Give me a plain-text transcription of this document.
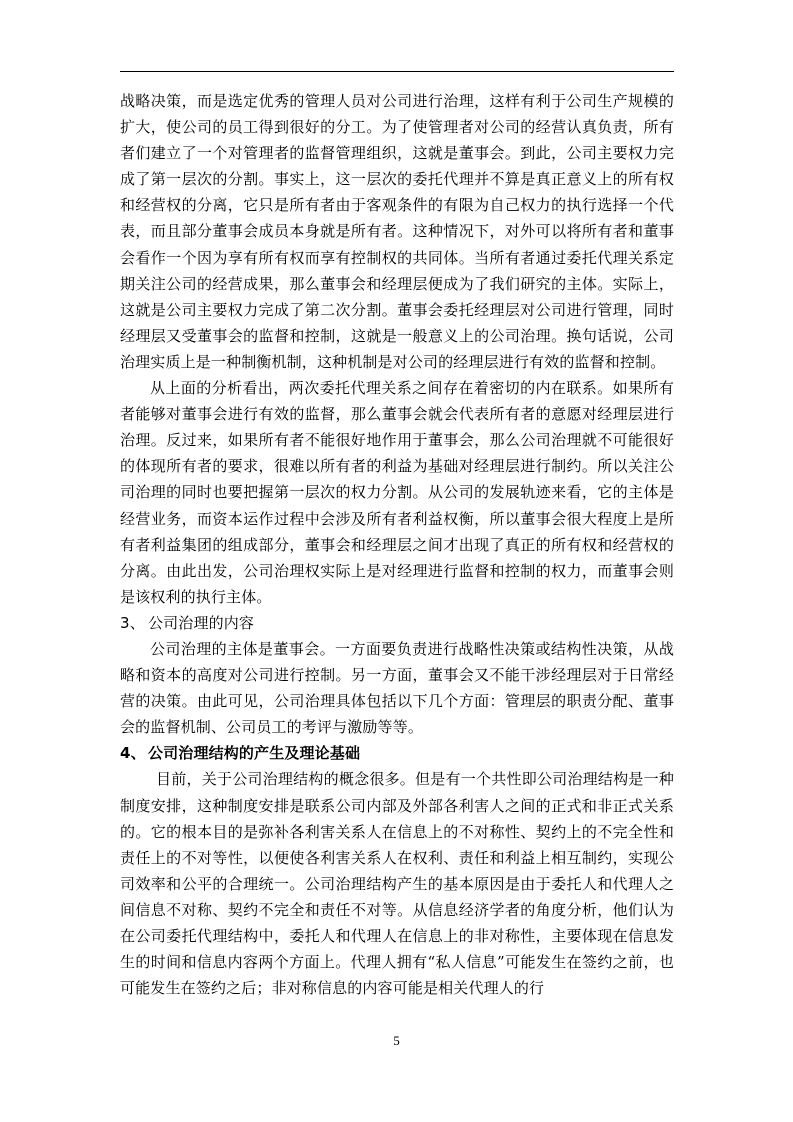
战略决策，而是选定优秀的管理人员对公司进行治理，这样有利于公司生产规模的扩大，使公司的员工得到很好的分工。为了使管理者对公司的经营认真负责，所有者们建立了一个对管理者的监督管理组织，这就是董事会。到此，公司主要权力完成了第一层次的分割。事实上，这一层次的委托代理并不算是真正意义上的所有权和经营权的分离，它只是所有者由于客观条件的有限为自己权力的执行选择一个代表，而且部分董事会成员本身就是所有者。这种情况下，对外可以将所有者和董事会看作一个因为享有所有权而享有控制权的共同体。当所有者通过委托代理关系定期关注公司的经营成果，那么董事会和经理层便成为了我们研究的主体。实际上，这就是公司主要权力完成了第二次分割。董事会委托经理层对公司进行管理，同时经理层又受董事会的监督和控制，这就是一般意义上的公司治理。换句话说，公司治理实质上是一种制衡机制，这种机制是对公司的经理层进行有效的监督和控制。

从上面的分析看出，两次委托代理关系之间存在着密切的内在联系。如果所有者能够对董事会进行有效的监督，那么董事会就会代表所有者的意愿对经理层进行治理。反过来，如果所有者不能很好地作用于董事会，那么公司治理就不可能很好的体现所有者的要求，很难以所有者的利益为基础对经理层进行制约。所以关注公司治理的同时也要把握第一层次的权力分割。从公司的发展轨迹来看，它的主体是经营业务，而资本运作过程中会涉及所有者利益权衡，所以董事会很大程度上是所有者利益集团的组成部分，董事会和经理层之间才出现了真正的所有权和经营权的分离。由此出发，公司治理权实际上是对经理进行监督和控制的权力，而董事会则是该权利的执行主体。

3、 公司治理的内容

公司治理的主体是董事会。一方面要负责进行战略性决策或结构性决策，从战略和资本的高度对公司进行控制。另一方面，董事会又不能干涉经理层对于日常经营的决策。由此可见，公司治理具体包括以下几个方面：管理层的职责分配、董事会的监督机制、公司员工的考评与激励等等。

4、 公司治理结构的产生及理论基础

目前，关于公司治理结构的概念很多。但是有一个共性即公司治理结构是一种制度安排，这种制度安排是联系公司内部及外部各利害人之间的正式和非正式关系的。它的根本目的是弥补各利害关系人在信息上的不对称性、契约上的不完全性和责任上的不对等性，以便使各利害关系人在权利、责任和利益上相互制约，实现公司效率和公平的合理统一。公司治理结构产生的基本原因是由于委托人和代理人之间信息不对称、契约不完全和责任不对等。从信息经济学者的角度分析，他们认为在公司委托代理结构中，委托人和代理人在信息上的非对称性，主要体现在信息发生的时间和信息内容两个方面上。代理人拥有“私人信息”可能发生在签约之前，也可能发生在签约之后；非对称信息的内容可能是相关代理人的行

5
